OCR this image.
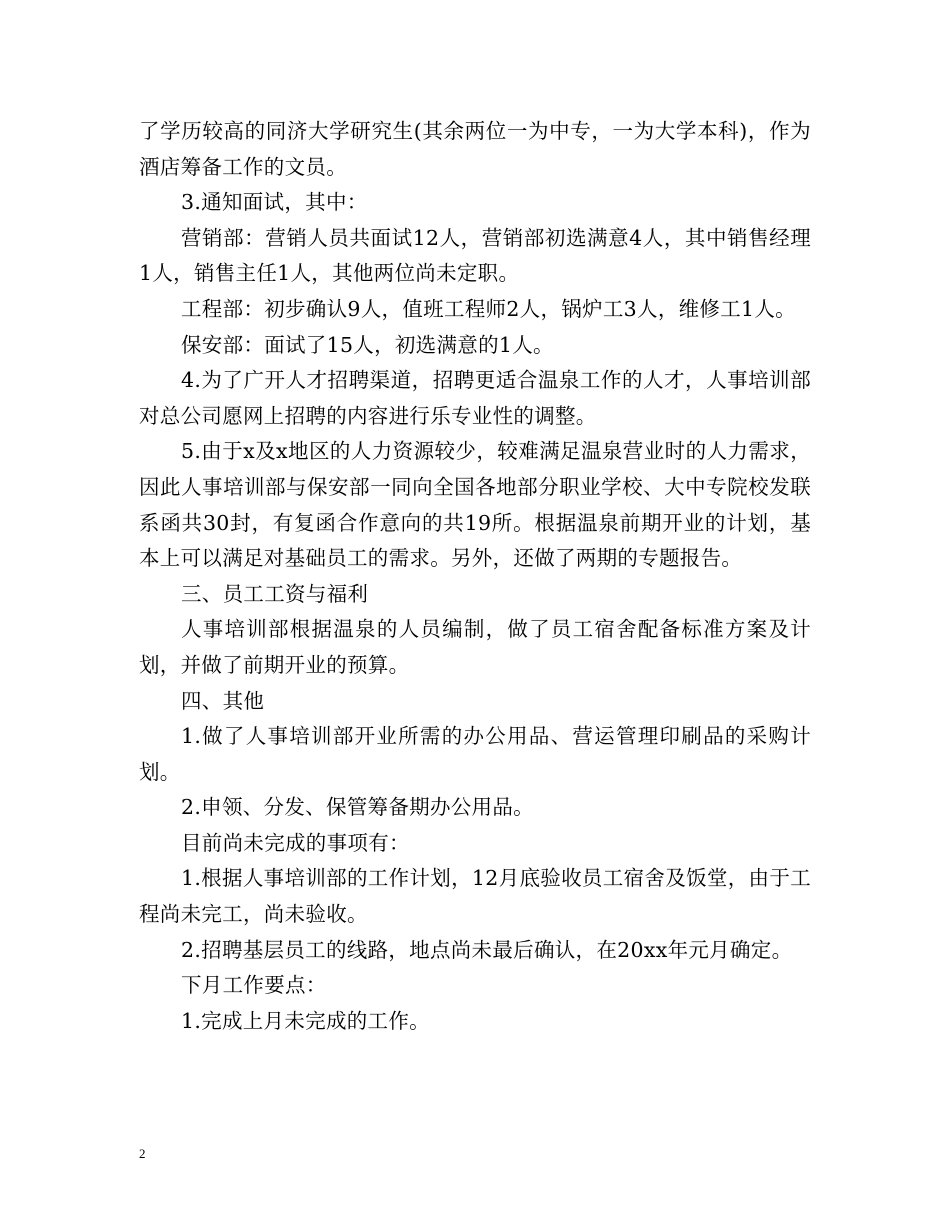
了学历较高的同济大学研究生(其余两位一为中专，一为大学本科)，作为酒店筹备工作的文员。

3.通知面试，其中：

营销部：营销人员共面试12人，营销部初选满意4人，其中销售经理1人，销售主任1人，其他两位尚未定职。

工程部：初步确认9人，值班工程师2人，锅炉工3人，维修工1人。

保安部：面试了15人，初选满意的1人。

4.为了广开人才招聘渠道，招聘更适合温泉工作的人才，人事培训部对总公司愿网上招聘的内容进行乐专业性的调整。

5.由于x及x地区的人力资源较少，较难满足温泉营业时的人力需求，因此人事培训部与保安部一同向全国各地部分职业学校、大中专院校发联系函共30封，有复函合作意向的共19所。根据温泉前期开业的计划，基本上可以满足对基础员工的需求。另外，还做了两期的专题报告。

三、员工工资与福利

人事培训部根据温泉的人员编制，做了员工宿舍配备标准方案及计划，并做了前期开业的预算。

四、其他

1.做了人事培训部开业所需的办公用品、营运管理印刷品的采购计划。

2.申领、分发、保管筹备期办公用品。

目前尚未完成的事项有：

1.根据人事培训部的工作计划，12月底验收员工宿舍及饭堂，由于工程尚未完工，尚未验收。

2.招聘基层员工的线路，地点尚未最后确认，在20xx年元月确定。

下月工作要点：

1.完成上月未完成的工作。

2
